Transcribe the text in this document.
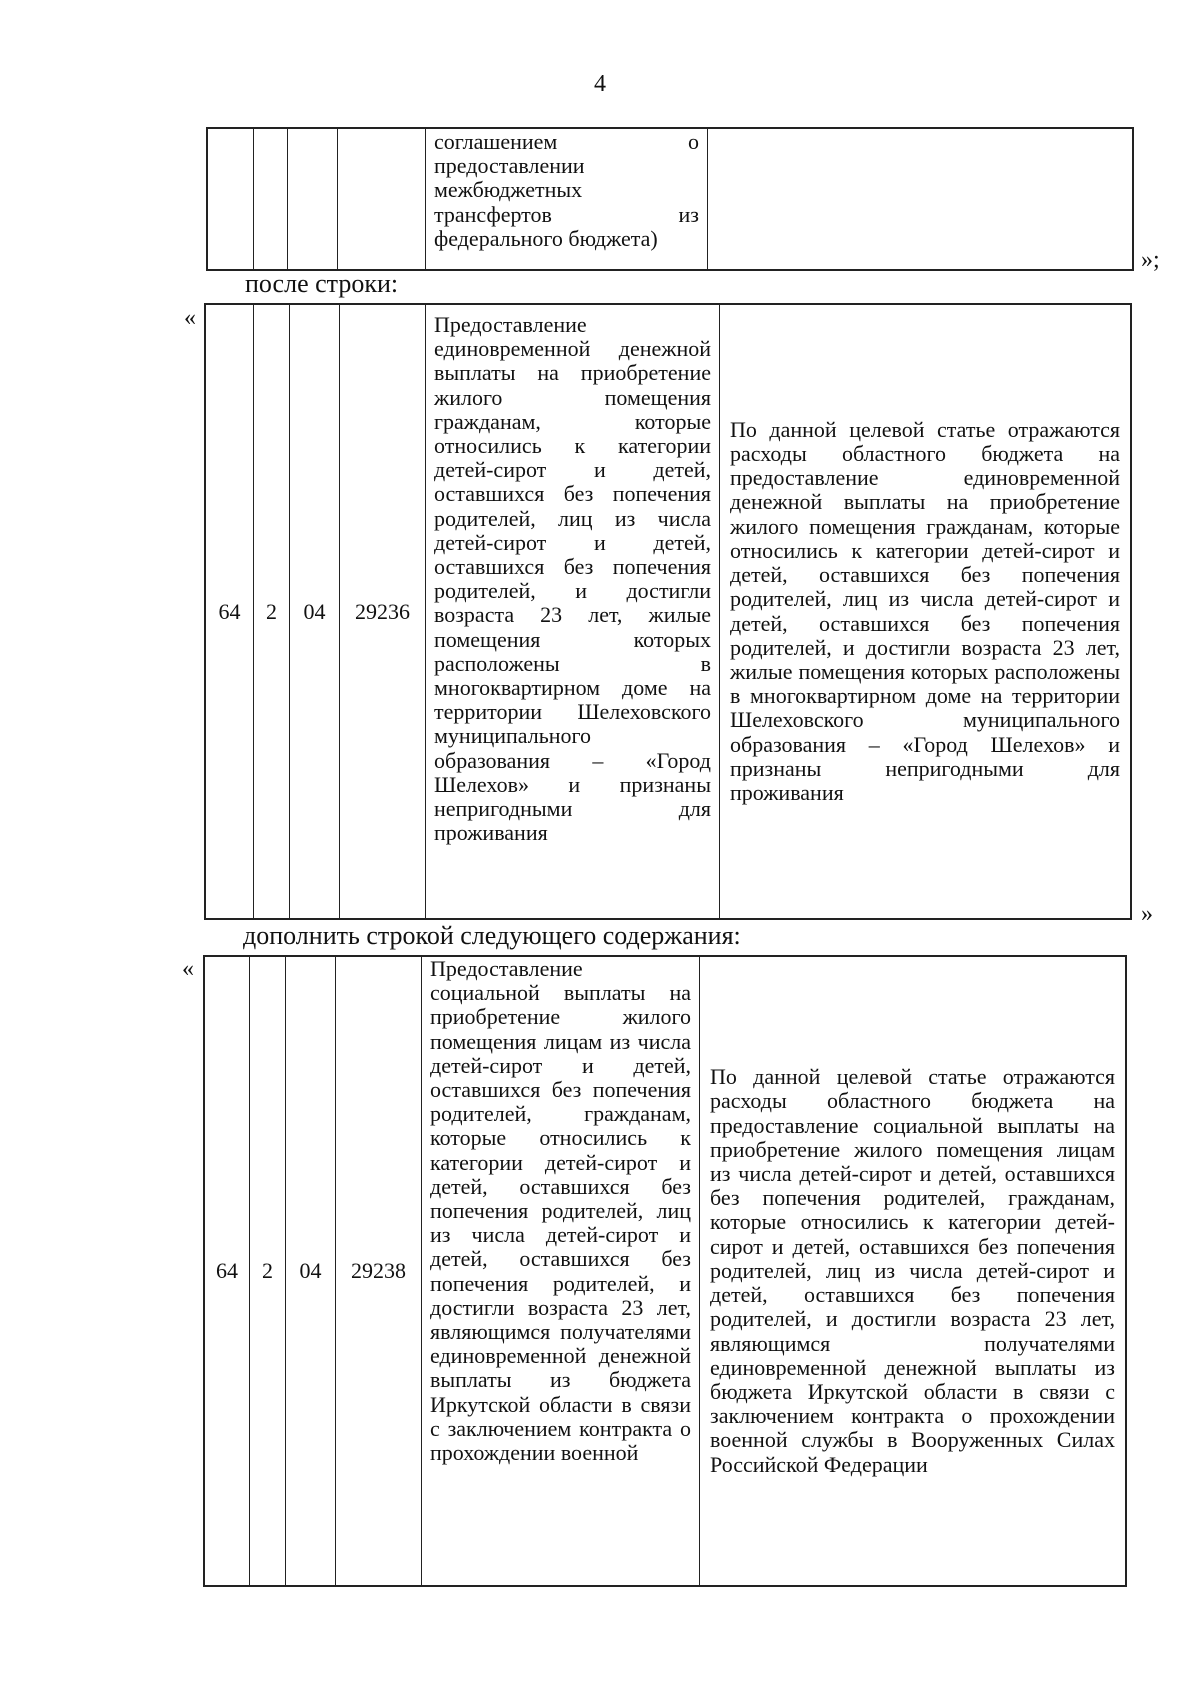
4
соглашением о предоставлении межбюджетных трансфертов из федерального бюджета)
»;
после строки:
«
64 2 04 29236
Предоставление единовременной денежной выплаты на приобретение жилого помещения гражданам, которые относились к категории детей-сирот и детей, оставшихся без попечения родителей, лиц из числа детей-сирот и детей, оставшихся без попечения родителей, и достигли возраста 23 лет, жилые помещения которых расположены в многоквартирном доме на территории Шелеховского муниципального образования – «Город Шелехов» и признаны непригодными для проживания
По данной целевой статье отражаются расходы областного бюджета на предоставление единовременной денежной выплаты на приобретение жилого помещения гражданам, которые относились к категории детей-сирот и детей, оставшихся без попечения родителей, лиц из числа детей-сирот и детей, оставшихся без попечения родителей, и достигли возраста 23 лет, жилые помещения которых расположены в многоквартирном доме на территории Шелеховского муниципального образования – «Город Шелехов» и признаны непригодными для проживания
»
дополнить строкой следующего содержания:
«
64 2 04 29238
Предоставление социальной выплаты на приобретение жилого помещения лицам из числа детей-сирот и детей, оставшихся без попечения родителей, гражданам, которые относились к категории детей-сирот и детей, оставшихся без попечения родителей, лиц из числа детей-сирот и детей, оставшихся без попечения родителей, и достигли возраста 23 лет, являющимся получателями единовременной денежной выплаты из бюджета Иркутской области в связи с заключением контракта о прохождении военной
По данной целевой статье отражаются расходы областного бюджета на предоставление социальной выплаты на приобретение жилого помещения лицам из числа детей-сирот и детей, оставшихся без попечения родителей, гражданам, которые относились к категории детей-сирот и детей, оставшихся без попечения родителей, лиц из числа детей-сирот и детей, оставшихся без попечения родителей, и достигли возраста 23 лет, являющимся получателями единовременной денежной выплаты из бюджета Иркутской области в связи с заключением контракта о прохождении военной службы в Вооруженных Силах Российской Федерации
